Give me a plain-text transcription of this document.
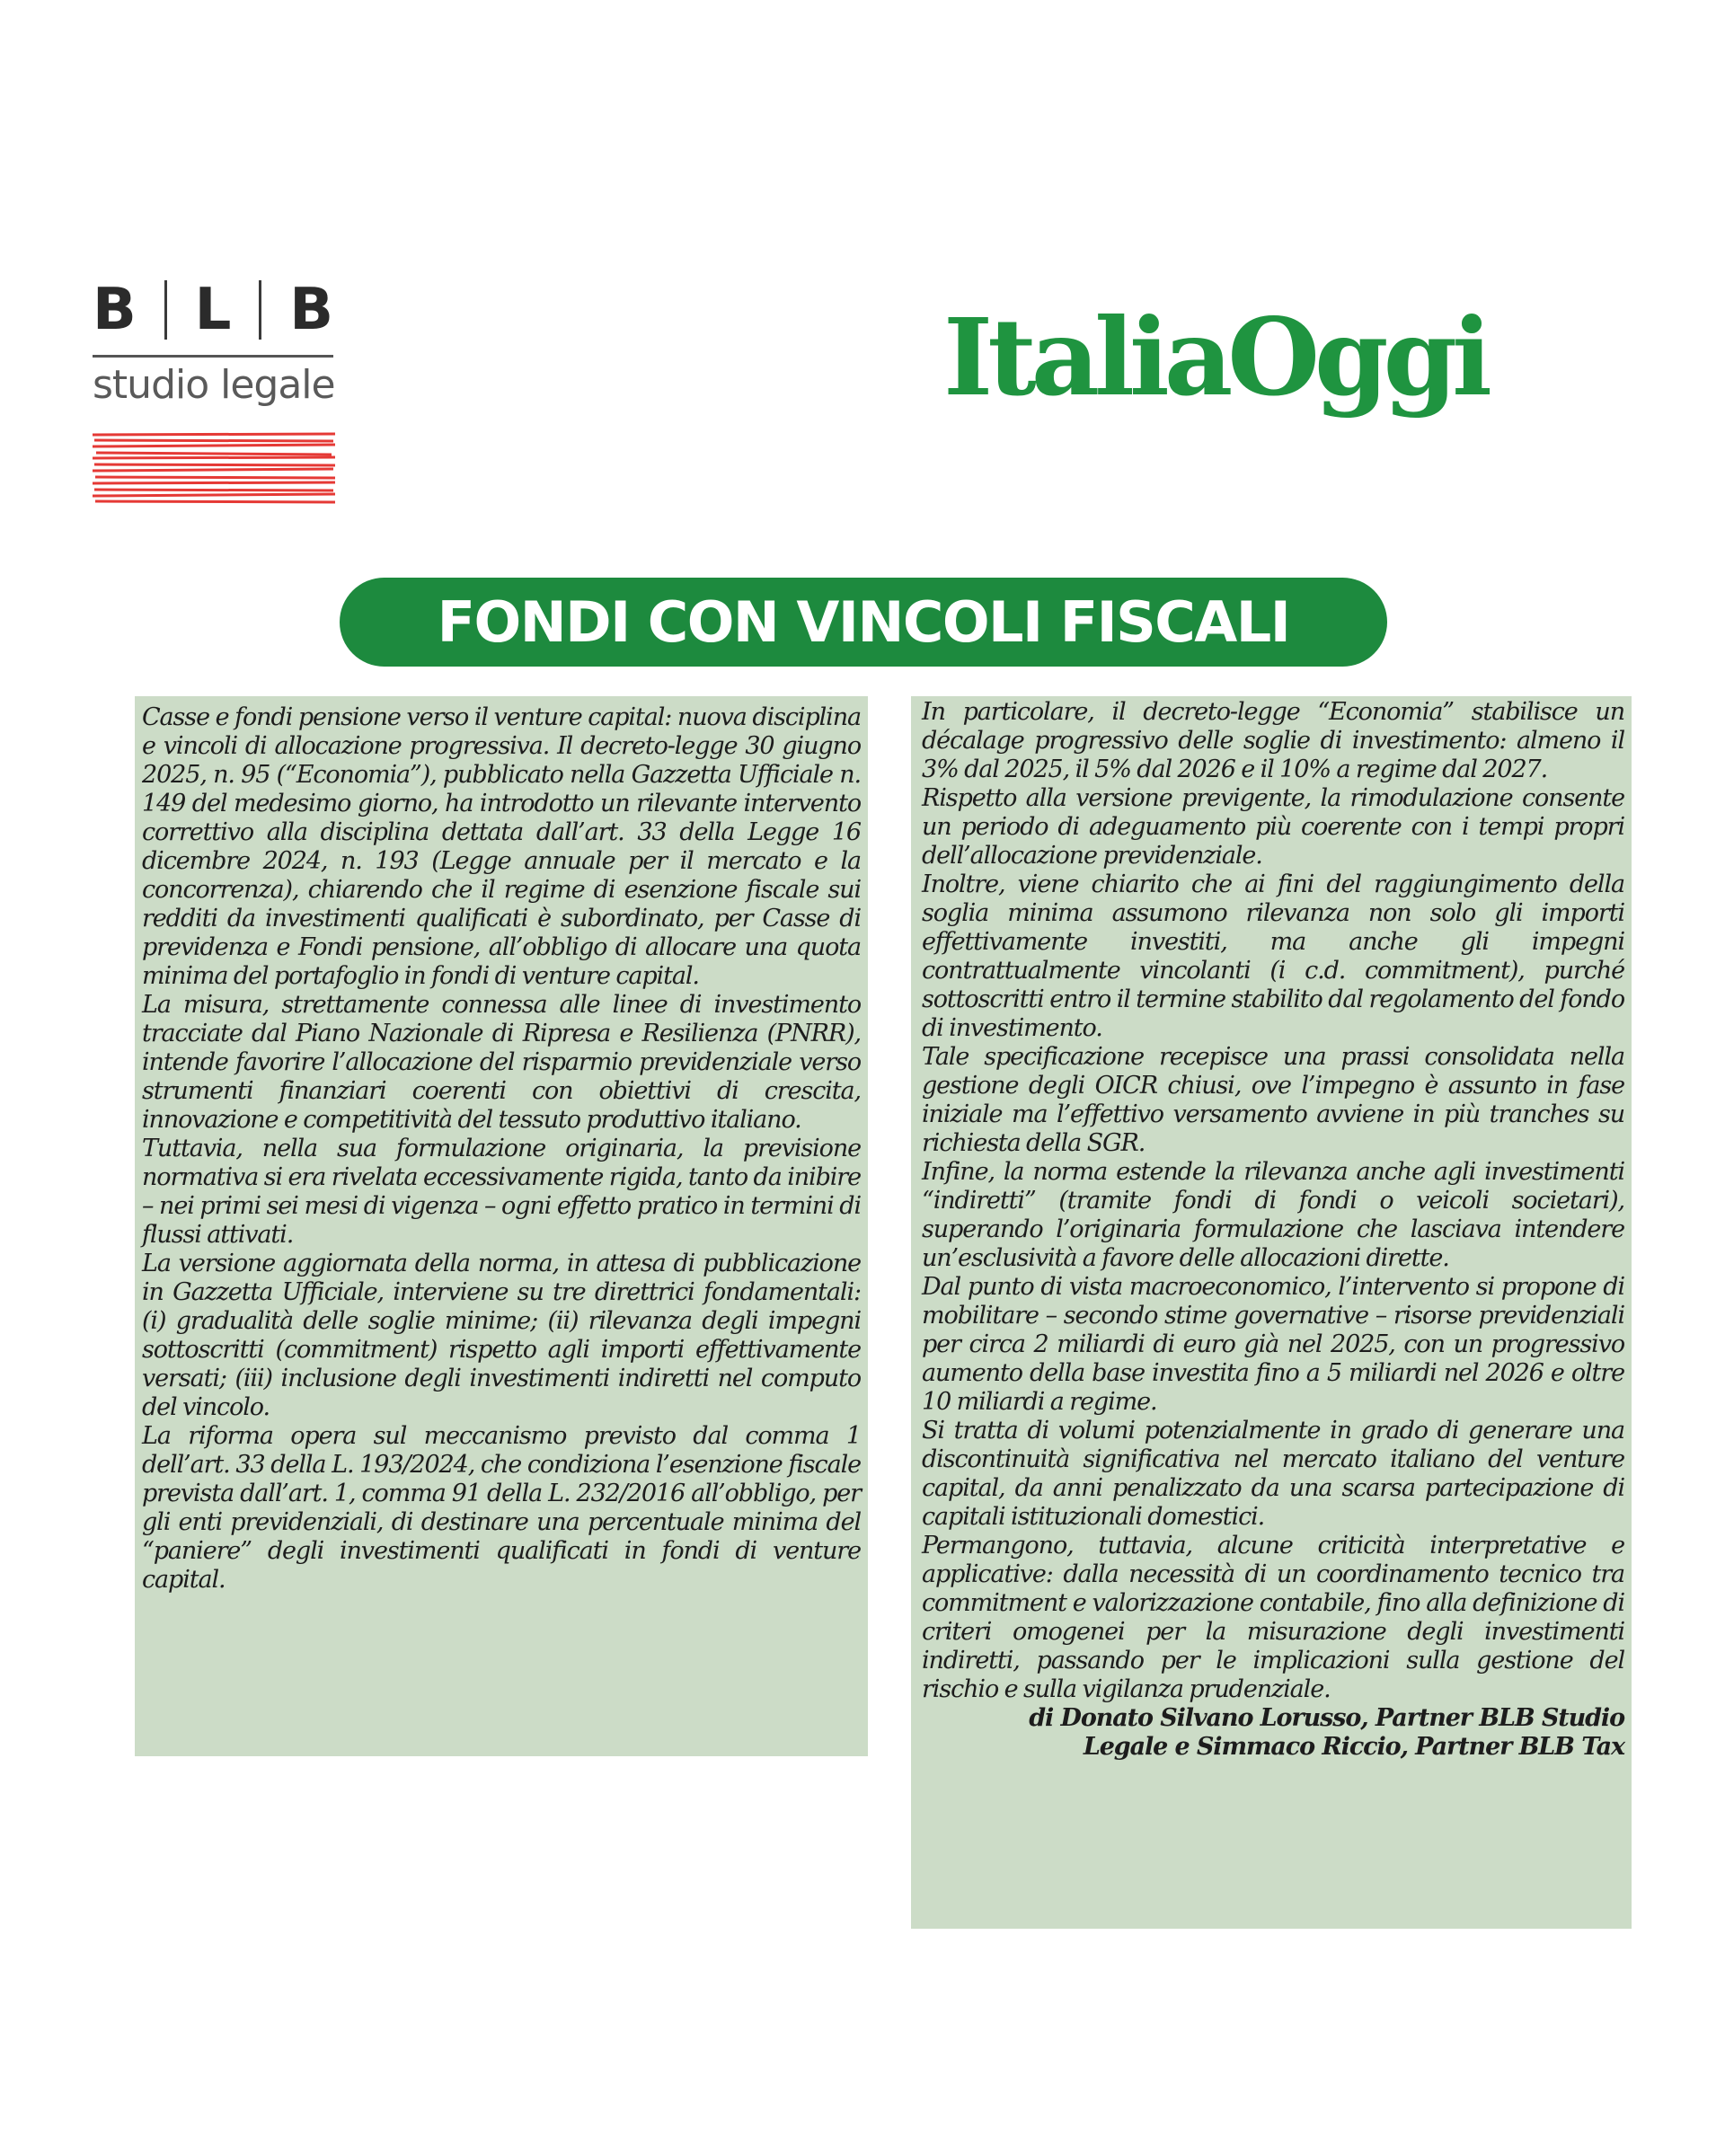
B L B
studio legale	ItaliaOggi
FONDI CON VINCOLI FISCALI

Casse e fondi pensione verso il venture capital: nuova disciplina e vincoli di allocazione progressiva. Il decreto-legge 30 giugno 2025, n. 95 (“Economia”), pubblicato nella Gazzetta Ufficiale n. 149 del medesimo giorno, ha introdotto un rilevante intervento correttivo alla disciplina dettata dall’art. 33 della Legge 16 dicembre 2024, n. 193 (Legge annuale per il mercato e la concorrenza), chiarendo che il regime di esenzione fiscale sui redditi da investimenti qualificati è subordinato, per Casse di previdenza e Fondi pensione, all’obbligo di allocare una quota minima del portafoglio in fondi di venture capital.

La misura, strettamente connessa alle linee di investimento tracciate dal Piano Nazionale di Ripresa e Resilienza (PNRR), intende favorire l’allocazione del risparmio previdenziale verso strumenti finanziari coerenti con obiettivi di crescita, innovazione e competitività del tessuto produttivo italiano.

Tuttavia, nella sua formulazione originaria, la previsione normativa si era rivelata eccessivamente rigida, tanto da inibire – nei primi sei mesi di vigenza – ogni effetto pratico in termini di flussi attivati.

La versione aggiornata della norma, in attesa di pubblicazione in Gazzetta Ufficiale, interviene su tre direttrici fondamentali: (i) gradualità delle soglie minime; (ii) rilevanza degli impegni sottoscritti (commitment) rispetto agli importi effettivamente versati; (iii) inclusione degli investimenti indiretti nel computo del vincolo.

La riforma opera sul meccanismo previsto dal comma 1 dell’art. 33 della L. 193/2024, che condiziona l’esenzione fiscale prevista dall’art. 1, comma 91 della L. 232/2016 all’obbligo, per gli enti previdenziali, di destinare una percentuale minima del “paniere” degli investimenti qualificati in fondi di venture capital.

In particolare, il decreto-legge “Economia” stabilisce un décalage progressivo delle soglie di investimento: almeno il 3% dal 2025, il 5% dal 2026 e il 10% a regime dal 2027.

Rispetto alla versione previgente, la rimodulazione consente un periodo di adeguamento più coerente con i tempi propri dell’allocazione previdenziale.

Inoltre, viene chiarito che ai fini del raggiungimento della soglia minima assumono rilevanza non solo gli importi effettivamente investiti, ma anche gli impegni contrattualmente vincolanti (i c.d. commitment), purché sottoscritti entro il termine stabilito dal regolamento del fondo di investimento.

Tale specificazione recepisce una prassi consolidata nella gestione degli OICR chiusi, ove l’impegno è assunto in fase iniziale ma l’effettivo versamento avviene in più tranches su richiesta della SGR.

Infine, la norma estende la rilevanza anche agli investimenti “indiretti” (tramite fondi di fondi o veicoli societari), superando l’originaria formulazione che lasciava intendere un’esclusività a favore delle allocazioni dirette.

Dal punto di vista macroeconomico, l’intervento si propone di mobilitare – secondo stime governative – risorse previdenziali per circa 2 miliardi di euro già nel 2025, con un progressivo aumento della base investita fino a 5 miliardi nel 2026 e oltre 10 miliardi a regime.

Si tratta di volumi potenzialmente in grado di generare una discontinuità significativa nel mercato italiano del venture capital, da anni penalizzato da una scarsa partecipazione di capitali istituzionali domestici.

Permangono, tuttavia, alcune criticità interpretative e applicative: dalla necessità di un coordinamento tecnico tra commitment e valorizzazione contabile, fino alla definizione di criteri omogenei per la misurazione degli investimenti indiretti, passando per le implicazioni sulla gestione del rischio e sulla vigilanza prudenziale.

di Donato Silvano Lorusso, Partner BLB Studio Legale e Simmaco Riccio, Partner BLB Tax
